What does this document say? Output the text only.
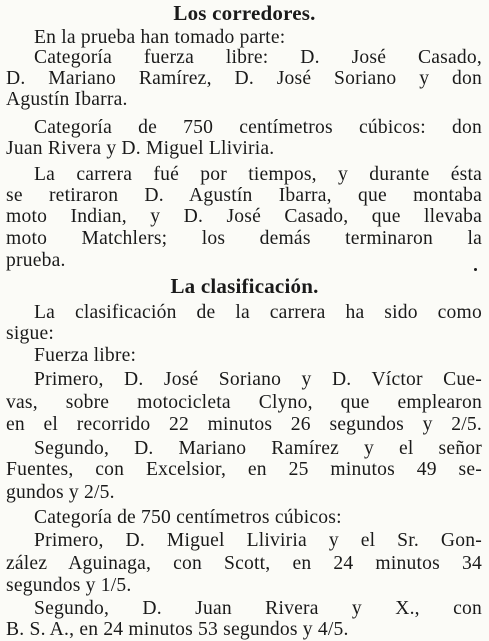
Los corredores.
En la prueba han tomado parte:
Categoría fuerza libre: D. José Casado,
D. Mariano Ramírez, D. José Soriano y don
Agustín Ibarra.
Categoría de 750 centímetros cúbicos: don
Juan Rivera y D. Miguel Lliviria.
La carrera fué por tiempos, y durante ésta
se retiraron D. Agustín Ibarra, que montaba
moto Indian, y D. José Casado, que llevaba
moto Matchlers; los demás terminaron la
prueba.
La clasificación.
La clasificación de la carrera ha sido como
sigue:
Fuerza libre:
Primero, D. José Soriano y D. Víctor Cue-
vas, sobre motocicleta Clyno, que emplearon
en el recorrido 22 minutos 26 segundos y 2/5.
Segundo, D. Mariano Ramírez y el señor
Fuentes, con Excelsior, en 25 minutos 49 se-
gundos y 2/5.
Categoría de 750 centímetros cúbicos:
Primero, D. Miguel Lliviria y el Sr. Gon-
zález Aguinaga, con Scott, en 24 minutos 34
segundos y 1/5.
Segundo, D. Juan Rivera y X., con
B. S. A., en 24 minutos 53 segundos y 4/5.
